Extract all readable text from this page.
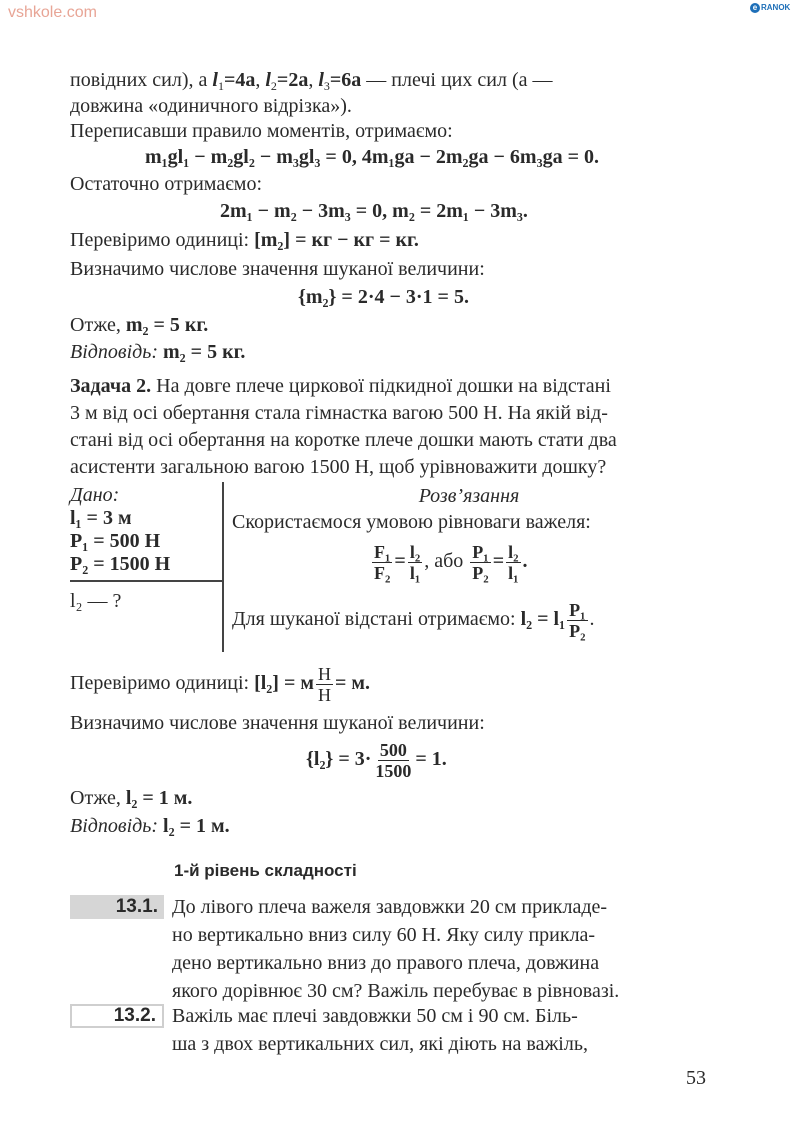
vshkole.com	e RANOK
повідних сил), а $l_1=4a$, $l_2=2a$, $l_3=6a$ — плечі цих сил (a —
довжина «одиничного відрізка»).
Переписавши правило моментів, отримаємо:
m₁gl₁ − m₂gl₂ − m₃gl₃ = 0, 4m₁ga − 2m₂ga − 6m₃ga = 0.
Остаточно отримаємо:
2m₁ − m₂ − 3m₃ = 0, m₂ = 2m₁ − 3m₃.
Перевіримо одиниці: [m₂] = кг − кг = кг.
Визначимо числове значення шуканої величини:
{m₂} = 2·4 − 3·1 = 5.
Отже, m₂ = 5 кг.
Відповідь: m₂ = 5 кг.
Задача 2. На довге плече циркової підкидної дошки на відстані
3 м від осі обертання стала гімнастка вагою 500 Н. На якій від-
стані від осі обертання на коротке плече дошки мають стати два
асистенти загальною вагою 1500 Н, щоб урівноважити дошку?
Дано:
l₁ = 3 м
P₁ = 500 Н
P₂ = 1500 Н
l₂ — ?
Розв’язання
Скористаємося умовою рівноваги важеля:
$\frac{\text{F₁}}{\text{F₂}} = \frac{\text{l₂}}{\text{l₁}}$ , або $\frac{\text{P₁}}{\text{P₂}} = \frac{\text{l₂}}{\text{l₁}}$ .
Для шуканої відстані отримаємо: $l_2 = l_1 \frac{\text{P₁}}{\text{P₂}}$ .
Перевіримо одиниці: [l₂] = м $\frac{Н}{Н} = м$.
Визначимо числове значення шуканої величини:
$\{l_2\} = 3\cdot \frac{500}{1500} = 1$.
Отже, l₂ = 1 м.
Відповідь: l₂ = 1 м.
1-й рівень складності
13.1. До лівого плеча важеля завдовжки 20 см прикладе-
но вертикально вниз силу 60 Н. Яку силу прикла-
дено вертикально вниз до правого плеча, довжина
якого дорівнює 30 см? Важіль перебуває в рівновазі.
13.2. Важіль має плечі завдовжки 50 см і 90 см. Біль-
ша з двох вертикальних сил, які діють на важіль,
53
